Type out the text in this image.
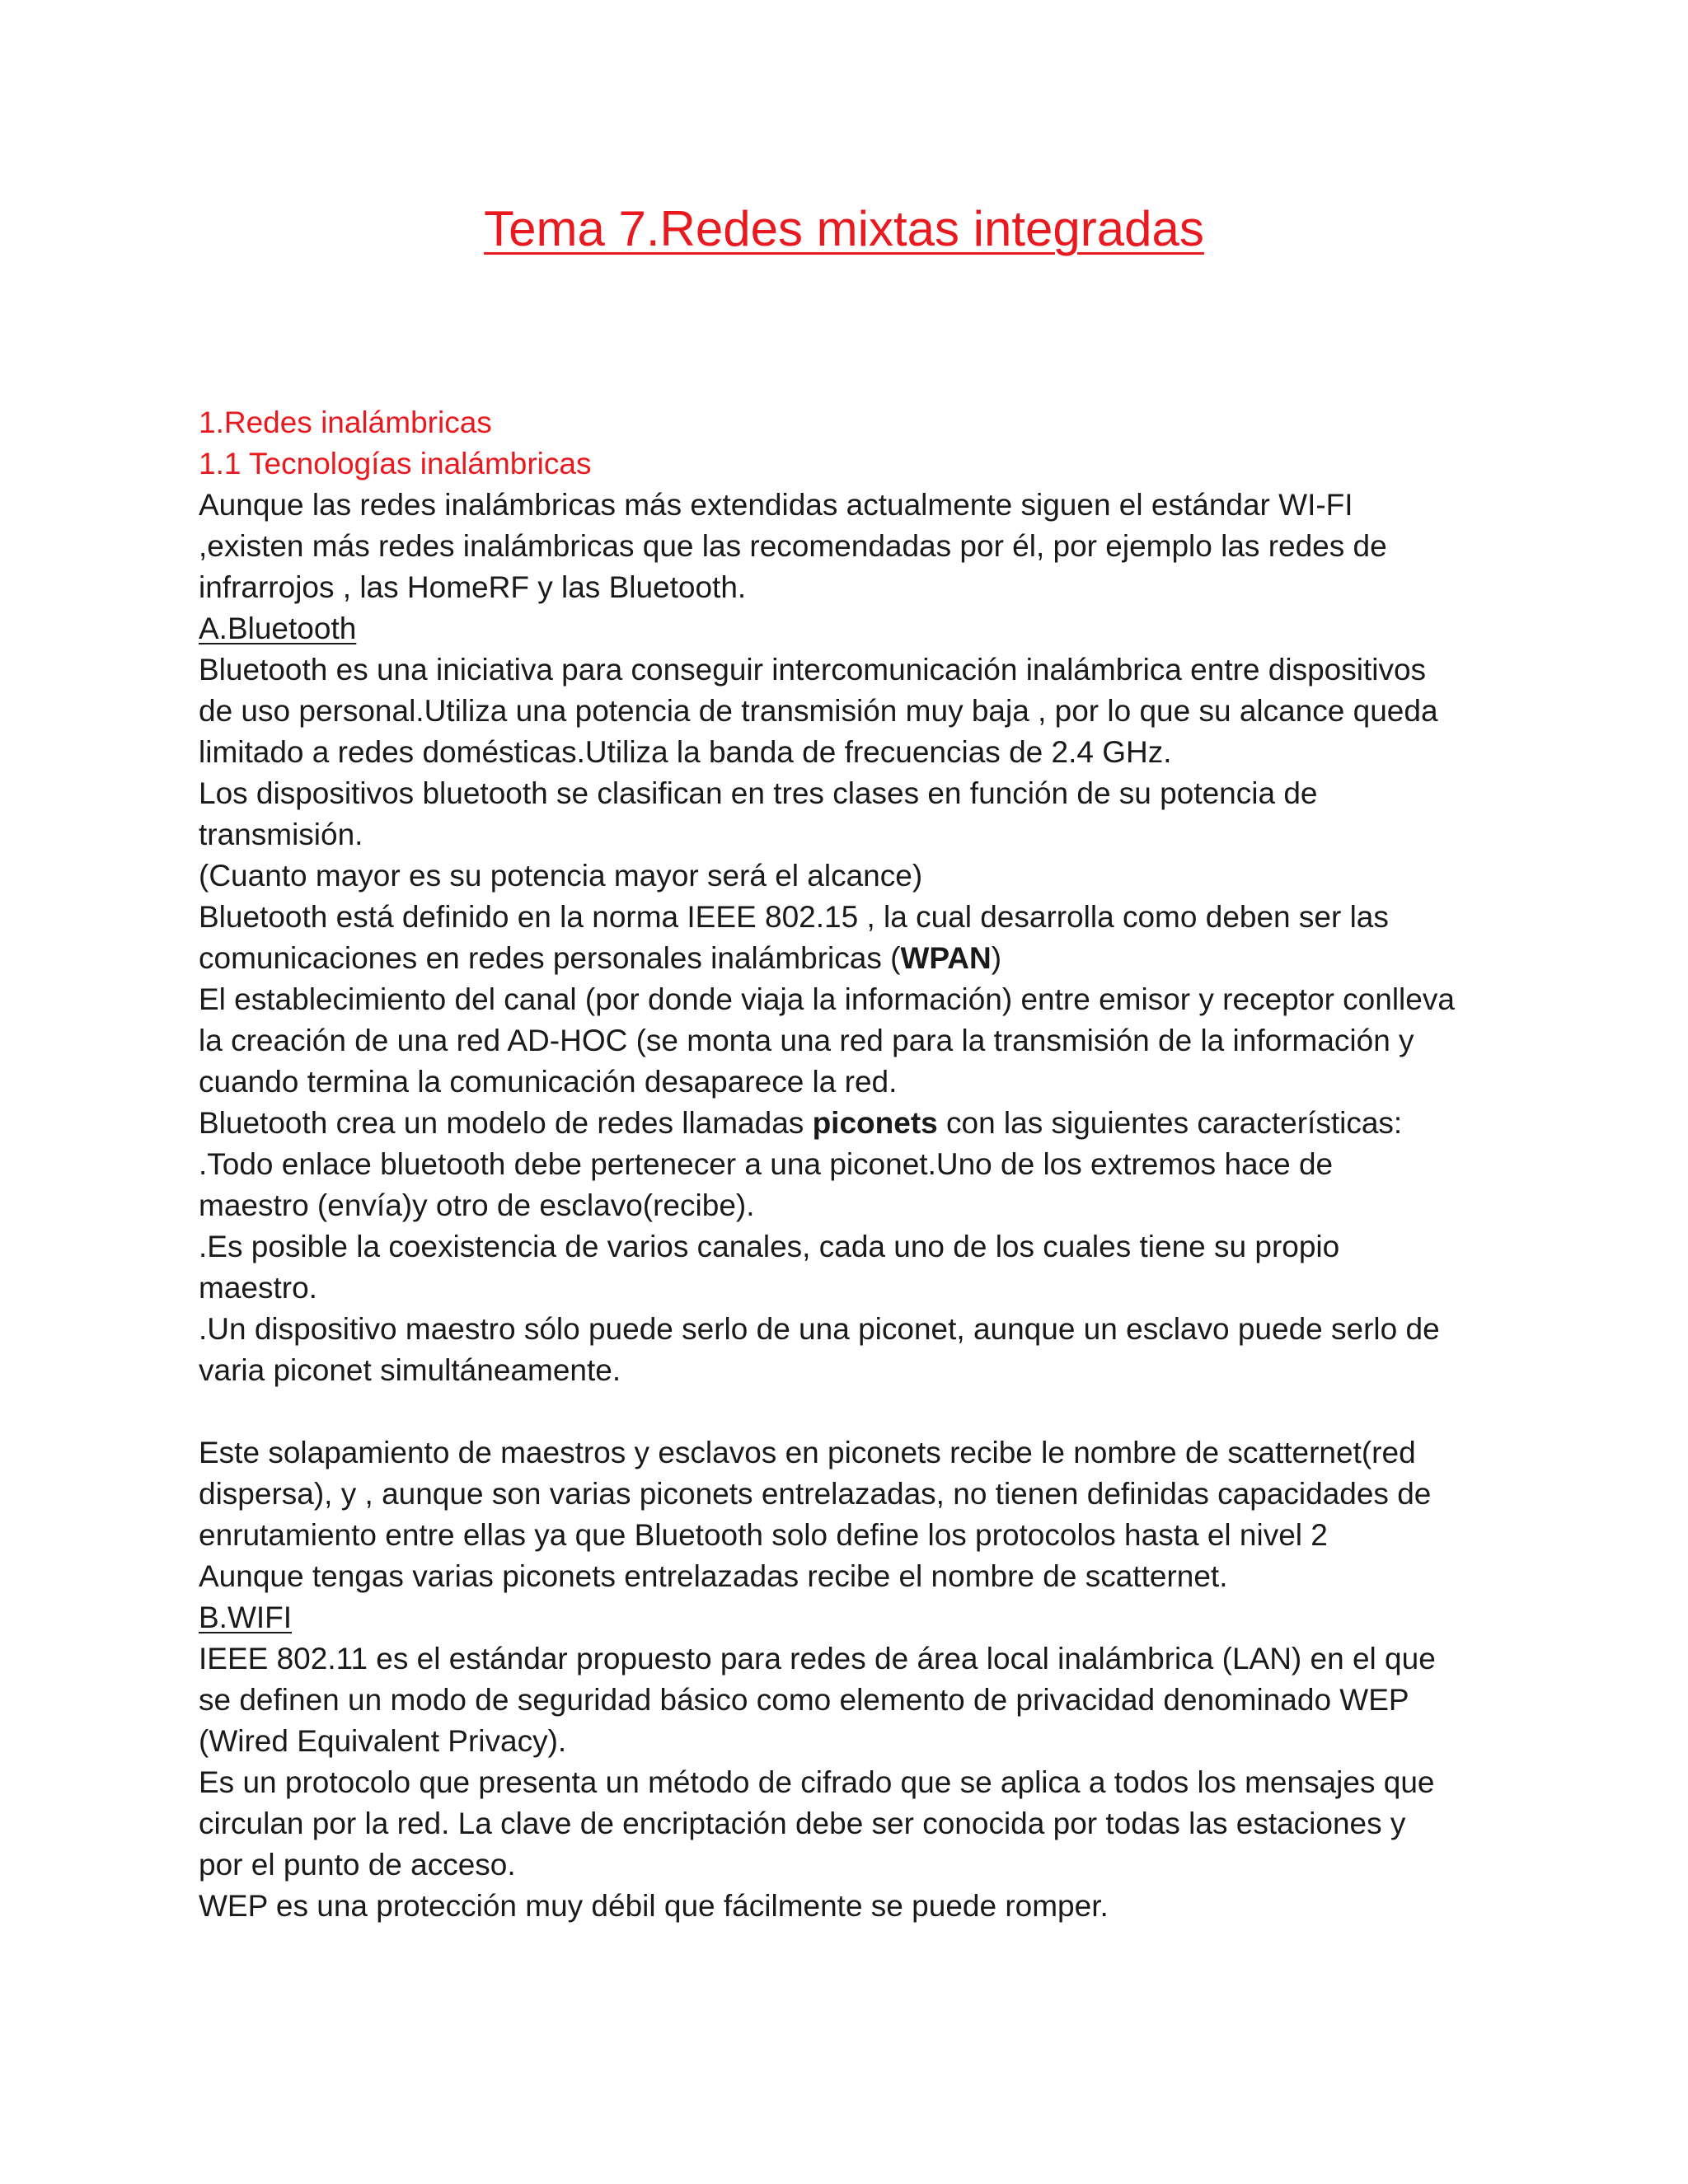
Tema 7.Redes mixtas integradas

1.Redes inalámbricas

1.1 Tecnologías inalámbricas

Aunque las redes inalámbricas más extendidas actualmente siguen el estándar WI-FI

,existen más redes inalámbricas que las recomendadas por él, por ejemplo las redes de

infrarrojos , las HomeRF y las Bluetooth.

A.Bluetooth

Bluetooth es una iniciativa para conseguir intercomunicación inalámbrica entre dispositivos

de uso personal.Utiliza una potencia de transmisión muy baja , por lo que su alcance queda

limitado a redes domésticas.Utiliza la banda de frecuencias de 2.4 GHz.

Los dispositivos bluetooth se clasifican en tres clases en función de su potencia de

transmisión.

(Cuanto mayor es su potencia mayor será el alcance)

Bluetooth está definido en la norma IEEE 802.15 , la cual desarrolla como deben ser las

comunicaciones en redes personales inalámbricas (WPAN)

El establecimiento del canal (por donde viaja la información) entre emisor y receptor conlleva

la creación de una red AD-HOC (se monta una red para la transmisión de la información y

cuando termina la comunicación desaparece la red.

Bluetooth crea un modelo de redes llamadas piconets con las siguientes características:

.Todo enlace bluetooth debe pertenecer a una piconet.Uno de los extremos hace de

maestro (envía)y otro de esclavo(recibe).

.Es posible la coexistencia de varios canales, cada uno de los cuales tiene su propio

maestro.

.Un dispositivo maestro sólo puede serlo de una piconet, aunque un esclavo puede serlo de

varia piconet simultáneamente.

Este solapamiento de maestros y esclavos en piconets recibe le nombre de scatternet(red

dispersa), y , aunque son varias piconets entrelazadas, no tienen definidas capacidades de

enrutamiento entre ellas ya que Bluetooth solo define los protocolos hasta el nivel 2

Aunque tengas varias piconets entrelazadas recibe el nombre de scatternet.

B.WIFI

IEEE 802.11 es el estándar propuesto para redes de área local inalámbrica (LAN) en el que

se definen un modo de seguridad básico como elemento de privacidad denominado WEP

(Wired Equivalent Privacy).

Es un protocolo que presenta un método de cifrado que se aplica a todos los mensajes que

circulan por la red. La clave de encriptación debe ser conocida por todas las estaciones y

por el punto de acceso.

WEP es una protección muy débil que fácilmente se puede romper.
